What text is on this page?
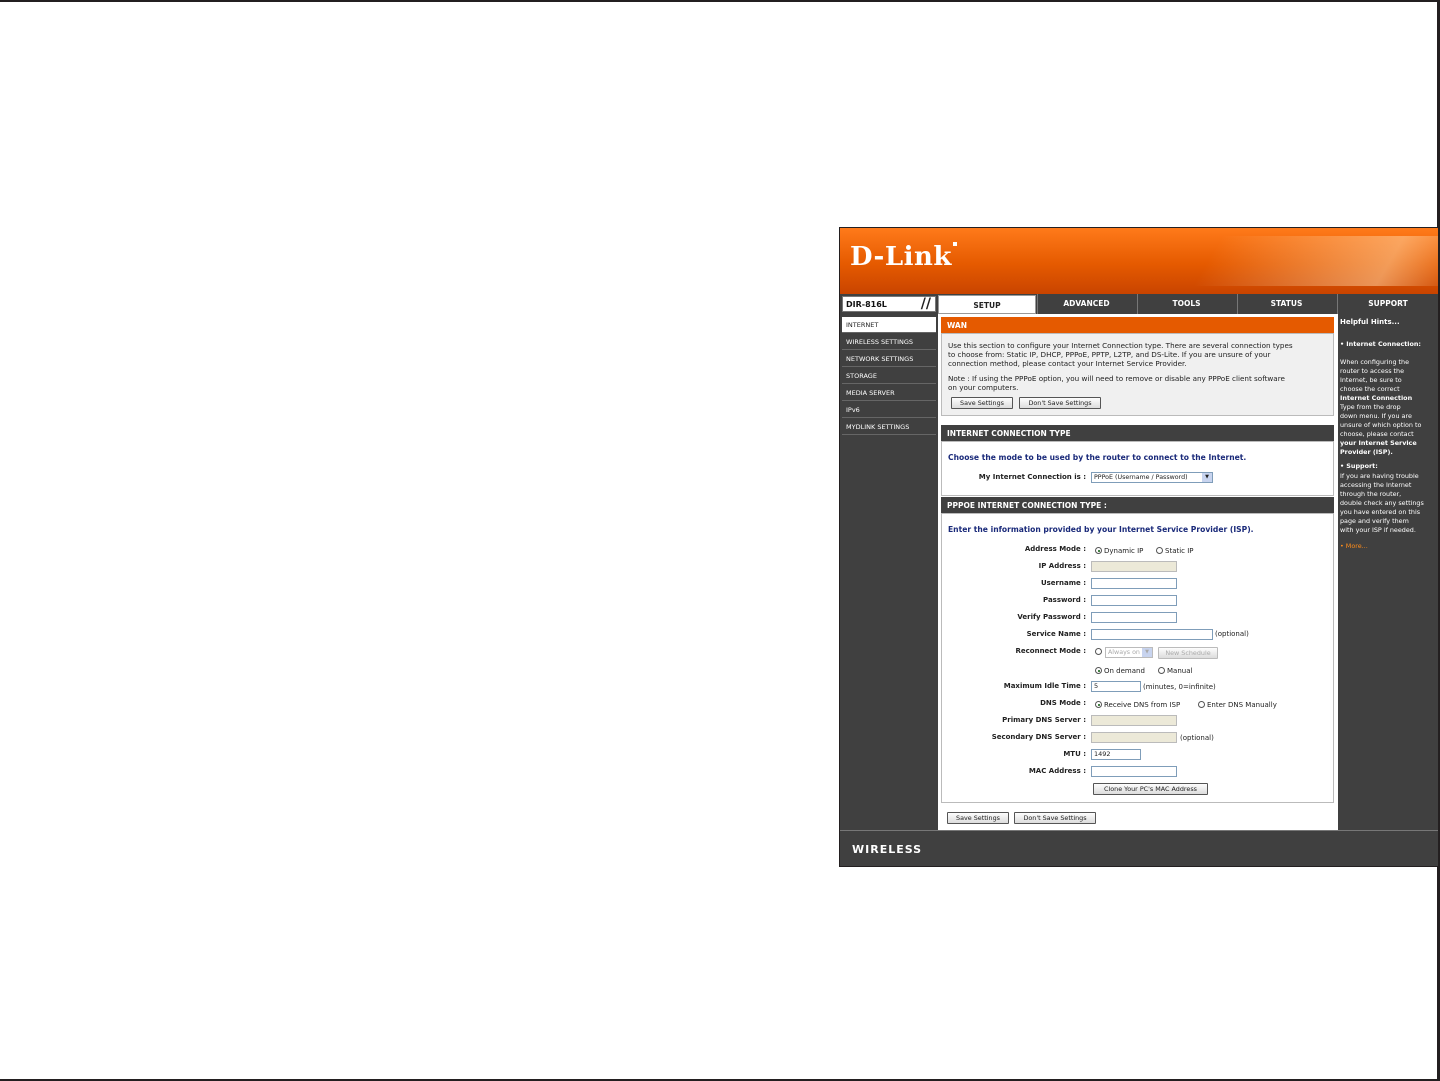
D-Link
DIR-816L //	SETUP	ADVANCED	TOOLS	STATUS	SUPPORT
INTERNET
WIRELESS SETTINGS
NETWORK SETTINGS
STORAGE
MEDIA SERVER
IPv6
MYDLINK SETTINGS
WAN
Use this section to configure your Internet Connection type. There are several connection types
to choose from: Static IP, DHCP, PPPoE, PPTP, L2TP, and DS-Lite. If you are unsure of your
connection method, please contact your Internet Service Provider.
Note : If using the PPPoE option, you will need to remove or disable any PPPoE client software
on your computers.
Save Settings	Don't Save Settings
INTERNET CONNECTION TYPE
Choose the mode to be used by the router to connect to the Internet.
My Internet Connection is :	PPPoE (Username / Password)	▼
PPPOE INTERNET CONNECTION TYPE :
Enter the information provided by your Internet Service Provider (ISP).
Address Mode :	Dynamic IP	Static IP
IP Address :
Username :
Password :
Verify Password :
Service Name :	(optional)
Reconnect Mode :	Always on	▼	New Schedule
On demand	Manual
Maximum Idle Time :	5	(minutes, 0=infinite)
DNS Mode :	Receive DNS from ISP	Enter DNS Manually
Primary DNS Server :
Secondary DNS Server :	(optional)
MTU :	1492
MAC Address :
Clone Your PC's MAC Address
Save Settings	Don't Save Settings
Helpful Hints...
• Internet Connection:
When configuring the
router to access the
Internet, be sure to
choose the correct
Internet Connection
Type from the drop
down menu. If you are
unsure of which option to
choose, please contact
your Internet Service
Provider (ISP).
• Support:
If you are having trouble
accessing the Internet
through the router,
double check any settings
you have entered on this
page and verify them
with your ISP if needed.
• More...
WIRELESS
